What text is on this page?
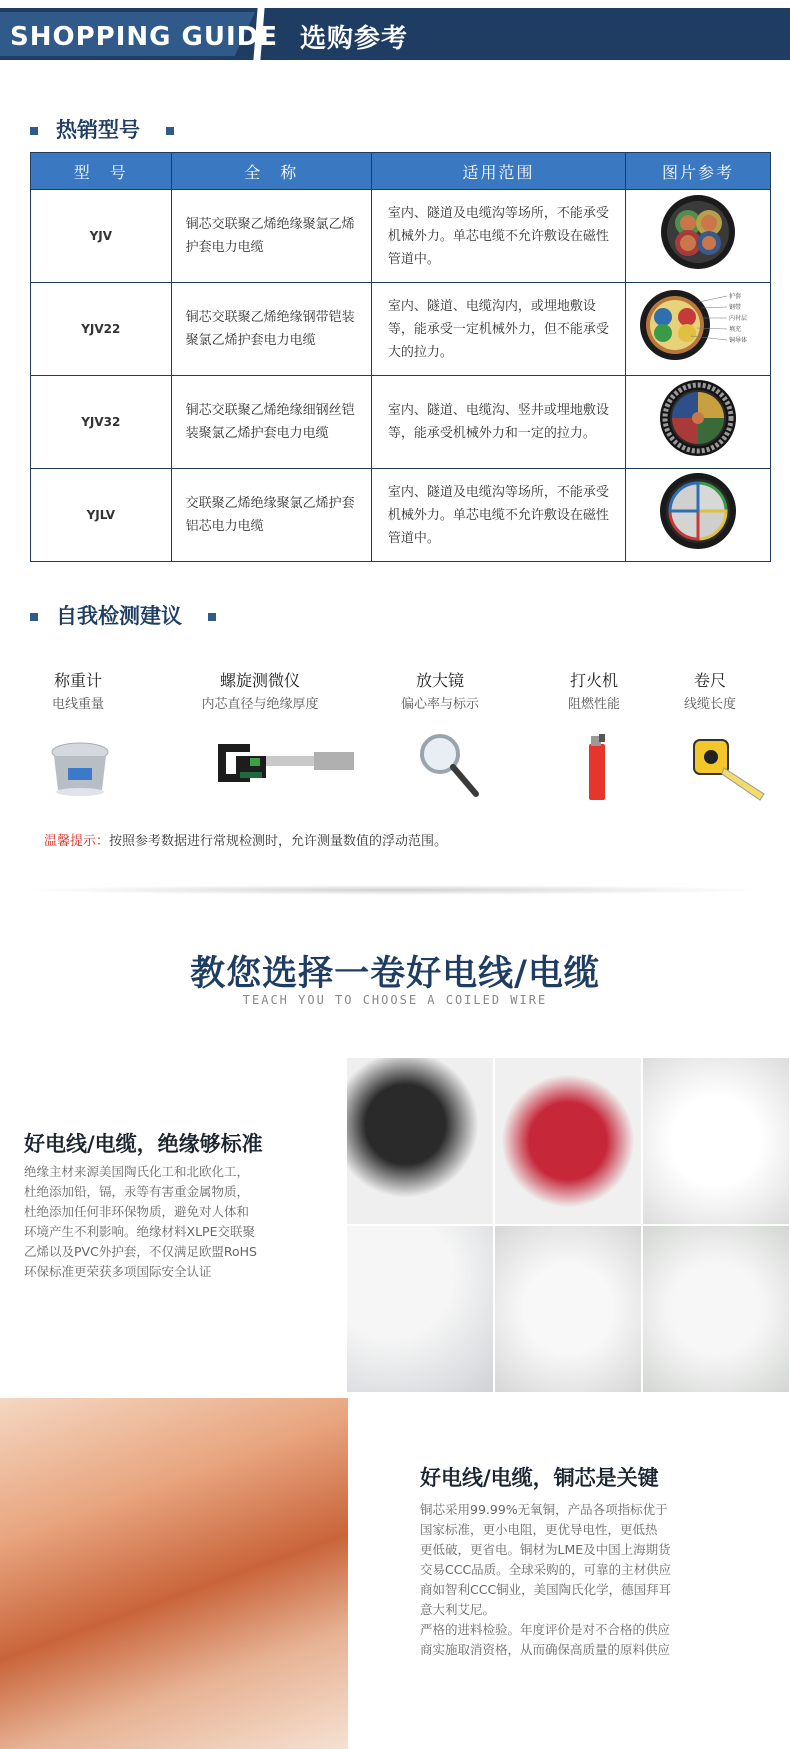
SHOPPING GUIDE 选购参考
热销型号
型　号	全　称	适用范围	图片参考
YJV	铜芯交联聚乙烯绝缘聚氯乙烯护套电力电缆	室内、隧道及电缆沟等场所，不能承受机械外力。单芯电缆不允许敷设在磁性管道中。	
YJV22	铜芯交联聚乙烯绝缘钢带铠装聚氯乙烯护套电力电缆	室内、隧道、电缆沟内，或埋地敷设等，能承受一定机械外力，但不能承受大的拉力。	护套
钢带
内衬层
填充
铜导体

YJV32	铜芯交联聚乙烯绝缘细钢丝铠装聚氯乙烯护套电力电缆	室内、隧道、电缆沟、竖井或埋地敷设等，能承受机械外力和一定的拉力。	
YJLV	交联聚乙烯绝缘聚氯乙烯护套铝芯电力电缆	室内、隧道及电缆沟等场所，不能承受机械外力。单芯电缆不允许敷设在磁性管道中。	
自我检测建议
称重计
电线重量
螺旋测微仪
内芯直径与绝缘厚度
放大镜
偏心率与标示
打火机
阻燃性能
卷尺
线缆长度
温馨提示：按照参考数据进行常规检测时，允许测量数值的浮动范围。
教您选择一卷好电线/电缆
TEACH YOU TO CHOOSE A COILED WIRE
好电线/电缆，绝缘够标准
绝缘主材来源美国陶氏化工和北欧化工，
杜绝添加铅，镉，汞等有害重金属物质，
杜绝添加任何非环保物质，避免对人体和
环境产生不利影响。绝缘材料XLPE交联聚
乙烯以及PVC外护套，不仅满足欧盟RoHS
环保标准更荣获多项国际安全认证
好电线/电缆，铜芯是关键
铜芯采用99.99%无氧铜，产品各项指标优于
国家标准，更小电阻，更优导电性，更低热
更低破，更省电。铜材为LME及中国上海期货
交易CCC品质。全球采购的，可靠的主材供应
商如智利CCC铜业，美国陶氏化学，德国拜耳
意大利艾尼。
严格的进料检验。年度评价是对不合格的供应
商实施取消资格，从而确保高质量的原料供应
